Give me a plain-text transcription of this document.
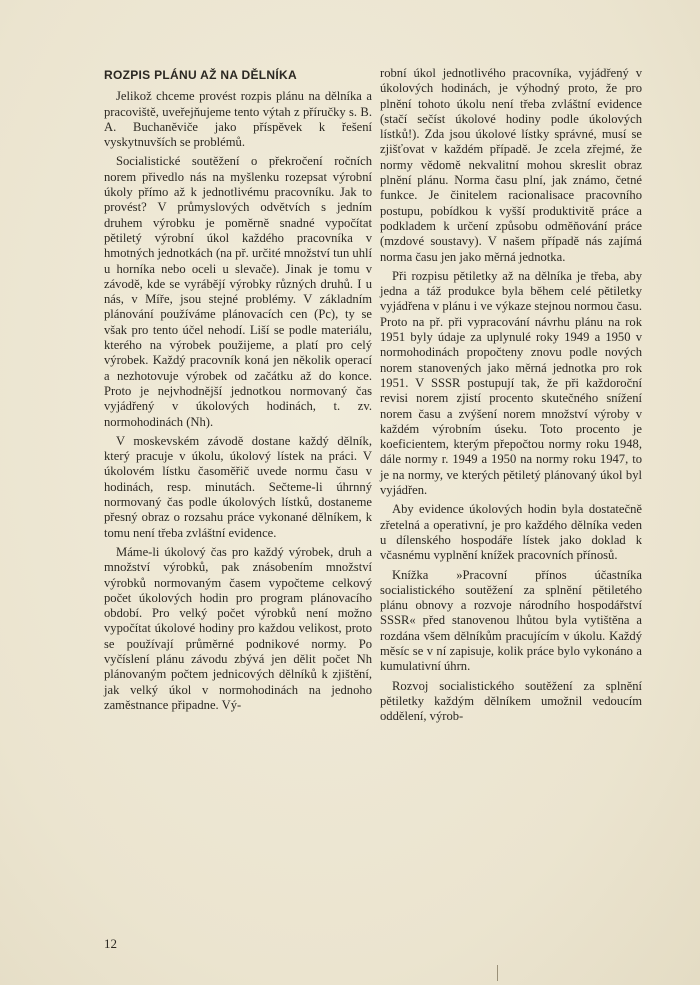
ROZPIS PLÁNU AŽ NA DĚLNÍKA

Jelikož chceme provést rozpis plánu na dělníka a pracoviště, uveřejňujeme tento výtah z příručky s. B. A. Buchaněviče jako příspěvek k řešení vyskytnuvších se problémů.

Socialistické soutěžení o překročení ročních norem přivedlo nás na myšlenku rozepsat výrobní úkoly přímo až k jednotlivému pracovníku. Jak to provést? V průmyslových odvětvích s jedním druhem výrobku je poměrně snadné vypočítat pětiletý výrobní úkol každého pracovníka v hmotných jednotkách (na př. určité množství tun uhlí u horníka nebo oceli u slevače). Jinak je tomu v závodě, kde se vyrábějí výrobky různých druhů. I u nás, v Míře, jsou stejné problémy. V základním plánování používáme plánovacích cen (Pc), ty se však pro tento účel nehodí. Liší se podle materiálu, kterého na výrobek použijeme, a platí pro celý výrobek. Každý pracovník koná jen několik operací a nezhotovuje výrobek od začátku až do konce. Proto je nejvhodnější jednotkou normovaný čas vyjádřený v úkolových hodinách, t. zv. normohodinách (Nh).

V moskevském závodě dostane každý dělník, který pracuje v úkolu, úkolový lístek na práci. V úkolovém lístku časoměřič uvede normu času v hodinách, resp. minutách. Sečteme-li úhrnný normovaný čas podle úkolových lístků, dostaneme přesný obraz o rozsahu práce vykonané dělníkem, k tomu není třeba zvláštní evidence.

Máme-li úkolový čas pro každý výrobek, druh a množství výrobků, pak znásobením množství výrobků normovaným časem vypočteme celkový počet úkolových hodin pro program plánovacího období. Pro velký počet výrobků není možno vypočítat úkolové hodiny pro každou velikost, proto se používají průměrné podnikové normy. Po vyčíslení plánu závodu zbývá jen dělit počet Nh plánovaným počtem jednicových dělníků k zjištění, jak velký úkol v normohodinách na jednoho zaměstnance připadne. Vý-

robní úkol jednotlivého pracovníka, vyjádřený v úkolových hodinách, je výhodný proto, že pro plnění tohoto úkolu není třeba zvláštní evidence (stačí sečíst úkolové hodiny podle úkolových lístků!). Zda jsou úkolové lístky správné, musí se zjišťovat v každém případě. Je zcela zřejmé, že normy vědomě nekvalitní mohou skreslit obraz plnění plánu. Norma času plní, jak známo, četné funkce. Je činitelem racionalisace pracovního postupu, pobídkou k vyšší produktivitě práce a podkladem k určení způsobu odměňování práce (mzdové soustavy). V našem případě nás zajímá norma času jen jako měrná jednotka.

Při rozpisu pětiletky až na dělníka je třeba, aby jedna a táž produkce byla během celé pětiletky vyjádřena v plánu i ve výkaze stejnou normou času. Proto na př. při vypracování návrhu plánu na rok 1951 byly údaje za uplynulé roky 1949 a 1950 v normohodinách propočteny znovu podle nových norem stanovených jako měrná jednotka pro rok 1951. V SSSR postupují tak, že při každoroční revisi norem zjistí procento skutečného snížení norem času a zvýšení norem množství výroby v každém výrobním úseku. Toto procento je koeficientem, kterým přepočtou normy roku 1948, dále normy r. 1949 a 1950 na normy roku 1947, to je na normy, ve kterých pětiletý plánovaný úkol byl vyjádřen.

Aby evidence úkolových hodin byla dostatečně zřetelná a operativní, je pro každého dělníka veden u dílenského hospodáře lístek jako doklad k včasnému vyplnění knížek pracovních přínosů.

Knížka »Pracovní přínos účastníka socialistického soutěžení za splnění pětiletého plánu obnovy a rozvoje národního hospodářství SSSR« před stanovenou lhůtou byla vytištěna a rozdána všem dělníkům pracujícím v úkolu. Každý měsíc se v ní zapisuje, kolik práce bylo vykonáno a kumulativní úhrn.

Rozvoj socialistického soutěžení za splnění pětiletky každým dělníkem umožnil vedoucím oddělení, výrob-

12
